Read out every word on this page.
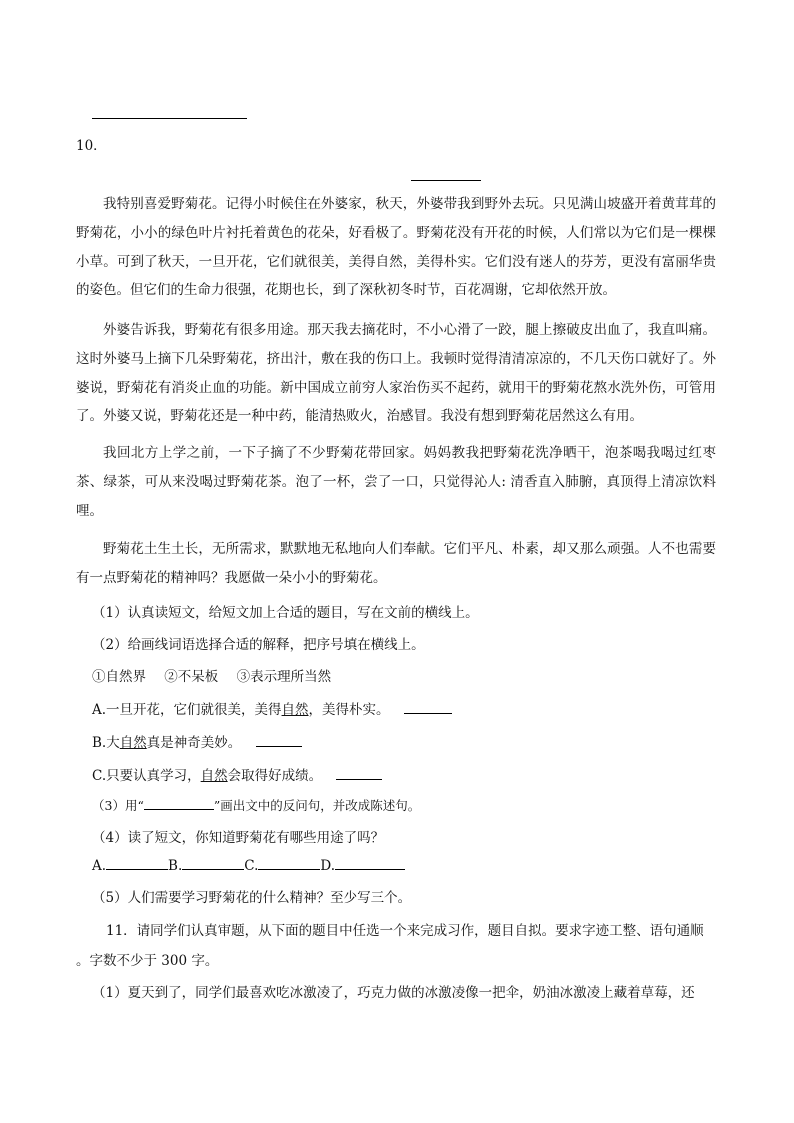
10．
我特别喜爱野菊花。记得小时候住在外婆家，秋天，外婆带我到野外去玩。只见满山坡盛开着黄茸茸的野菊花，小小的绿色叶片衬托着黄色的花朵，好看极了。野菊花没有开花的时候，人们常以为它们是一棵棵小草。可到了秋天，一旦开花，它们就很美，美得自然，美得朴实。它们没有迷人的芬芳，更没有富丽华贵的姿色。但它们的生命力很强，花期也长，到了深秋初冬时节，百花凋谢，它却依然开放。
外婆告诉我，野菊花有很多用途。那天我去摘花时，不小心滑了一跤，腿上擦破皮出血了，我直叫痛。这时外婆马上摘下几朵野菊花，挤出汁，敷在我的伤口上。我顿时觉得清清凉凉的，不几天伤口就好了。外婆说，野菊花有消炎止血的功能。新中国成立前穷人家治伤买不起药，就用干的野菊花熬水洗外伤，可管用了。外婆又说，野菊花还是一种中药，能清热败火，治感冒。我没有想到野菊花居然这么有用。
我回北方上学之前，一下子摘了不少野菊花带回家。妈妈教我把野菊花洗净晒干，泡茶喝我喝过红枣茶、绿茶，可从来没喝过野菊花茶。泡了一杯，尝了一口，只觉得沁人: 清香直入肺腑，真顶得上清凉饮料哩。
野菊花土生土长，无所需求，默默地无私地向人们奉献。它们平凡、朴素，却又那么顽强。人不也需要有一点野菊花的精神吗？我愿做一朵小小的野菊花。
（1）认真读短文，给短文加上合适的题目，写在文前的横线上。
（2）给画线词语选择合适的解释，把序号填在横线上。
①自然界 ②不呆板 ③表示理所当然
A.一旦开花，它们就很美，美得自然，美得朴实。
B.大自然真是神奇美妙。
C.只要认真学习，自然会取得好成绩。
（3）用“	”画出文中的反问句，并改成陈述句。
（4）读了短文，你知道野菊花有哪些用途了吗？
A.	B.	C.	D.
（5）人们需要学习野菊花的什么精神？至少写三个。
11．请同学们认真审题，从下面的题目中任选一个来完成习作，题目自拟。要求字迹工整、语句通顺
。字数不少于 300 字。
（1）夏天到了，同学们最喜欢吃冰激凌了，巧克力做的冰激凌像一把伞，奶油冰激凌上藏着草莓，还
